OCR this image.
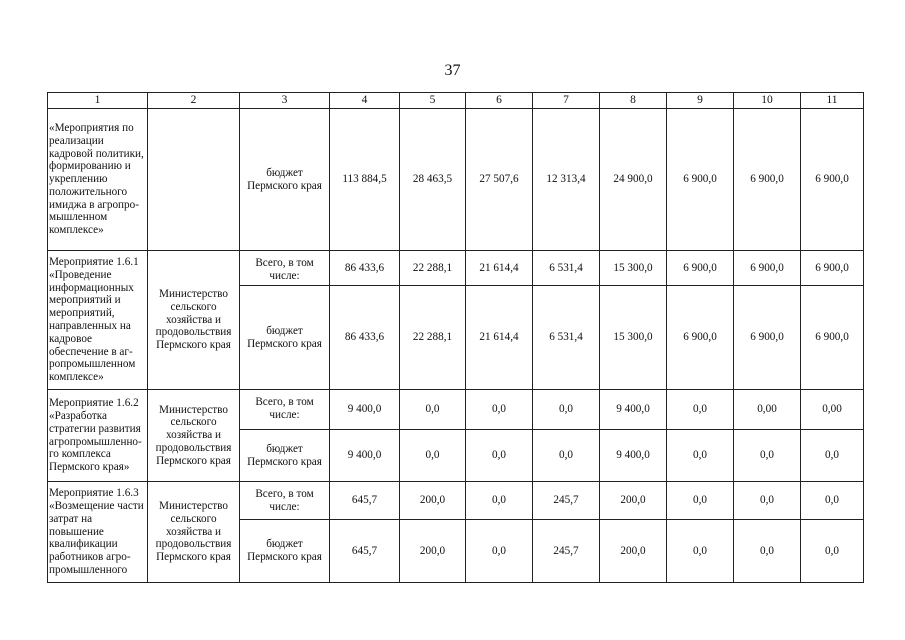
37
1	2	3	4	5	6	7	8	9	10	11
«Мероприятия по реализации кадровой политики, формированию и укреплению положительного имиджа в агропро-мышленном комплексе»		бюджет Пермского края	113 884,5	28 463,5	27 507,6	12 313,4	24 900,0	6 900,0	6 900,0	6 900,0
Мероприятие 1.6.1 «Проведение информационных мероприятий и мероприятий, направленных на кадровое обеспечение в аг-ропромышленном комплексе»	Министерство сельского хозяйства и продовольствия Пермского края	Всего, в том числе:	86 433,6	22 288,1	21 614,4	6 531,4	15 300,0	6 900,0	6 900,0	6 900,0
		бюджет Пермского края	86 433,6	22 288,1	21 614,4	6 531,4	15 300,0	6 900,0	6 900,0	6 900,0
Мероприятие 1.6.2 «Разработка стратегии развития агропромышленно-го комплекса Пермского края»	Министерство сельского хозяйства и продовольствия Пермского края	Всего, в том числе:	9 400,0	0,0	0,0	0,0	9 400,0	0,0	0,00	0,00
		бюджет Пермского края	9 400,0	0,0	0,0	0,0	9 400,0	0,0	0,0	0,0
Мероприятие 1.6.3 «Возмещение части затрат на повышение квалификации работников агро-промышленного	Министерство сельского хозяйства и продовольствия Пермского края	Всего, в том числе:	645,7	200,0	0,0	245,7	200,0	0,0	0,0	0,0
		бюджет Пермского края	645,7	200,0	0,0	245,7	200,0	0,0	0,0	0,0
